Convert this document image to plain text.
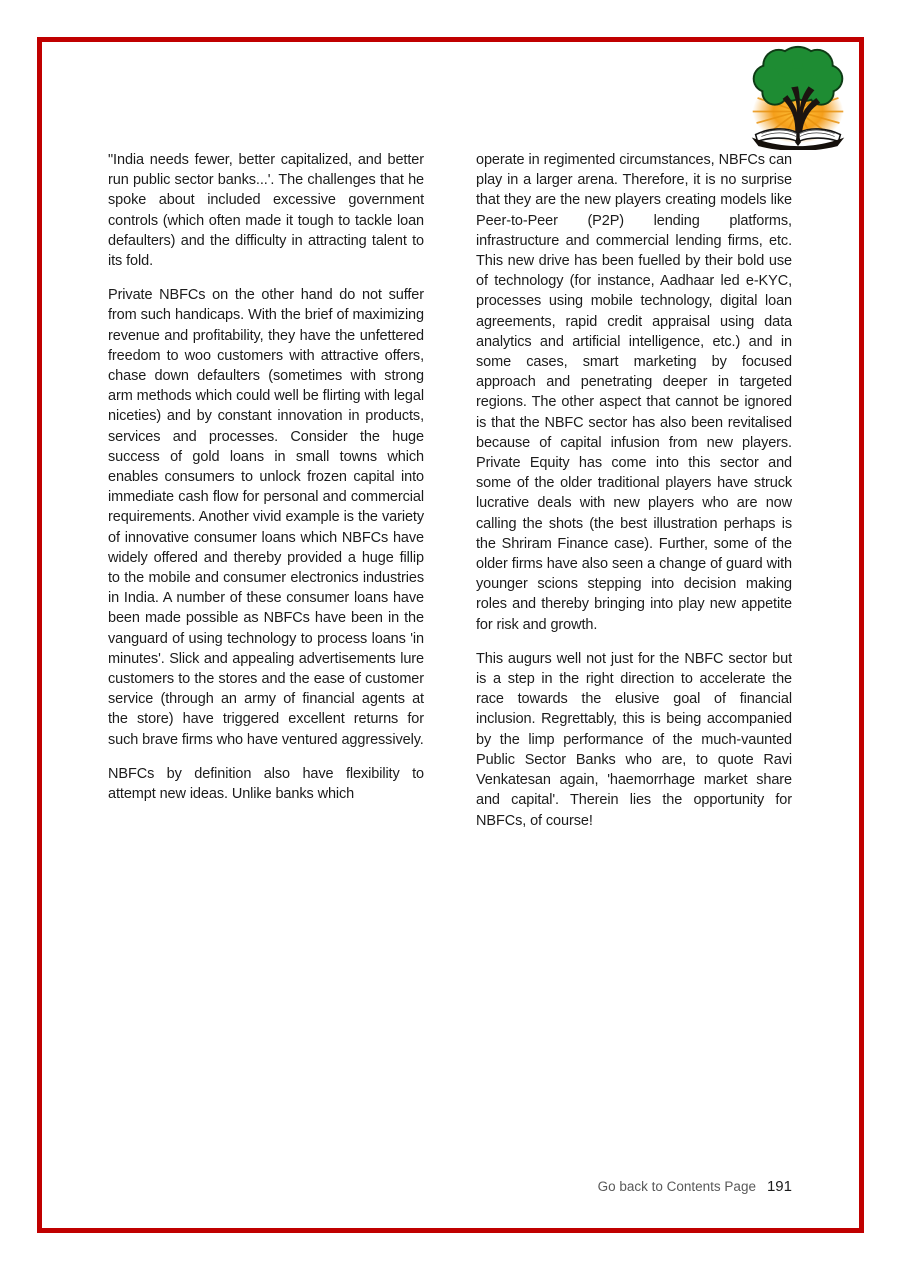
"India needs fewer, better capitalized, and better run public sector banks...'. The challenges that he spoke about included excessive government controls (which often made it tough to tackle loan defaulters) and the difficulty in attracting talent to its fold.

Private NBFCs on the other hand do not suffer from such handicaps. With the brief of maximizing revenue and profitability, they have the unfettered freedom to woo customers with attractive offers, chase down defaulters (sometimes with strong arm methods which could well be flirting with legal niceties) and by constant innovation in products, services and processes. Consider the huge success of gold loans in small towns which enables consumers to unlock frozen capital into immediate cash flow for personal and commercial requirements. Another vivid example is the variety of innovative consumer loans which NBFCs have widely offered and thereby provided a huge fillip to the mobile and consumer electronics industries in India. A number of these consumer loans have been made possible as NBFCs have been in the vanguard of using technology to process loans 'in minutes'. Slick and appealing advertisements lure customers to the stores and the ease of customer service (through an army of financial agents at the store) have triggered excellent returns for such brave firms who have ventured aggressively.

NBFCs by definition also have flexibility to attempt new ideas. Unlike banks which

operate in regimented circumstances, NBFCs can play in a larger arena. Therefore, it is no surprise that they are the new players creating models like Peer-to-Peer (P2P) lending platforms, infrastructure and commercial lending firms, etc. This new drive has been fuelled by their bold use of technology (for instance, Aadhaar led e-KYC, processes using mobile technology, digital loan agreements, rapid credit appraisal using data analytics and artificial intelligence, etc.) and in some cases, smart marketing by focused approach and penetrating deeper in targeted regions. The other aspect that cannot be ignored is that the NBFC sector has also been revitalised because of capital infusion from new players. Private Equity has come into this sector and some of the older traditional players have struck lucrative deals with new players who are now calling the shots (the best illustration perhaps is the Shriram Finance case). Further, some of the older firms have also seen a change of guard with younger scions stepping into decision making roles and thereby bringing into play new appetite for risk and growth.

This augurs well not just for the NBFC sector but is a step in the right direction to accelerate the race towards the elusive goal of financial inclusion. Regrettably, this is being accompanied by the limp performance of the much-vaunted Public Sector Banks who are, to quote Ravi Venkatesan again, 'haemorrhage market share and capital'. Therein lies the opportunity for NBFCs, of course!

Go back to Contents Page 191
